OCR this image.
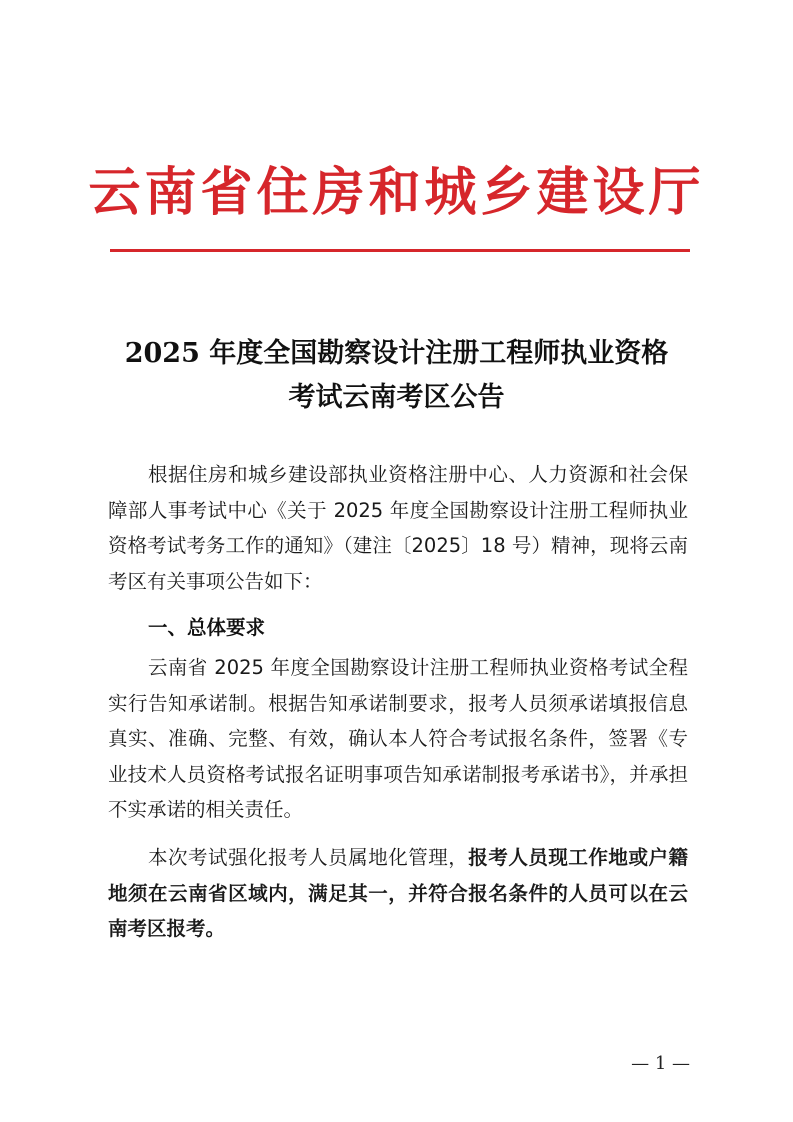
云南省住房和城乡建设厅
2025 年度全国勘察设计注册工程师执业资格
考试云南考区公告

根据住房和城乡建设部执业资格注册中心、人力资源和社会保障部人事考试中心《关于 2025 年度全国勘察设计注册工程师执业资格考试考务工作的通知》（建注〔2025〕18 号）精神，现将云南考区有关事项公告如下：

一、总体要求

云南省 2025 年度全国勘察设计注册工程师执业资格考试全程实行告知承诺制。根据告知承诺制要求，报考人员须承诺填报信息真实、准确、完整、有效，确认本人符合考试报名条件，签署《专业技术人员资格考试报名证明事项告知承诺制报考承诺书》，并承担不实承诺的相关责任。

本次考试强化报考人员属地化管理，报考人员现工作地或户籍地须在云南省区域内，满足其一，并符合报名条件的人员可以在云南考区报考。

— 1 —
